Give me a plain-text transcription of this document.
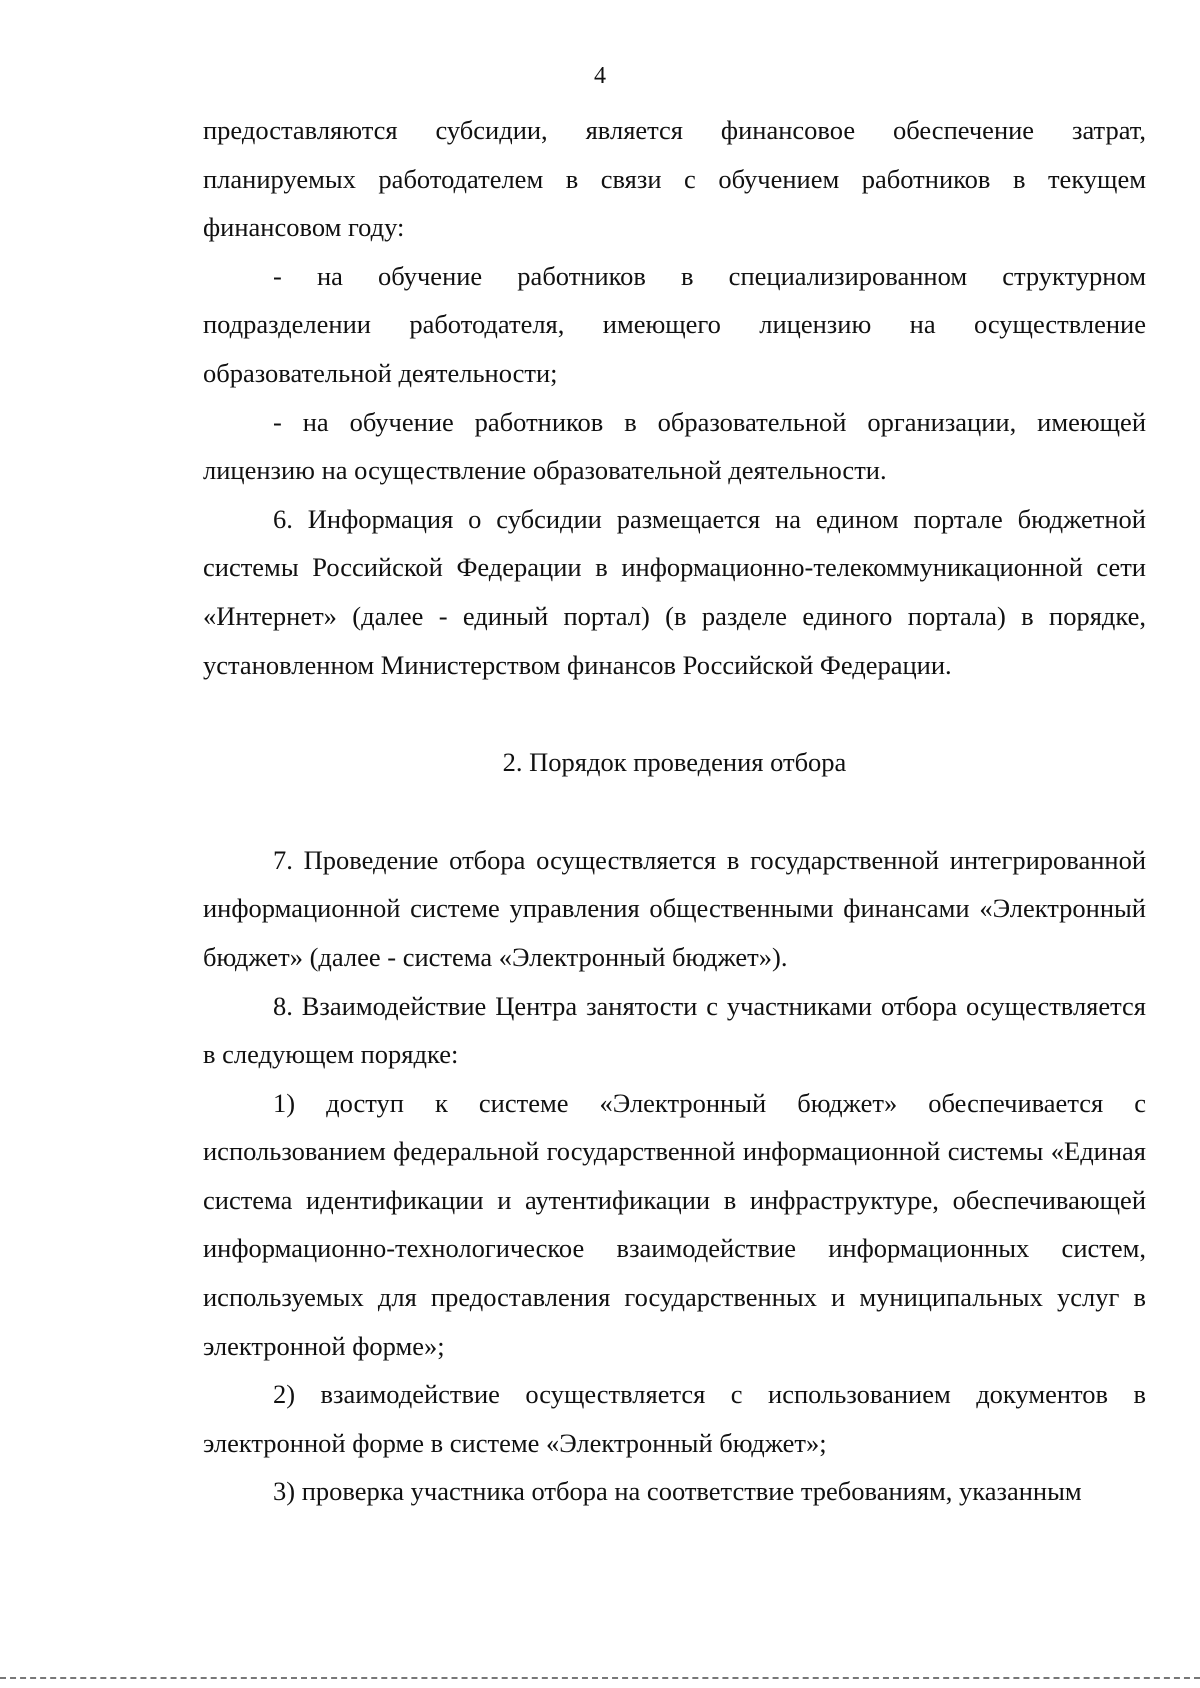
4

предоставляются субсидии, является финансовое обеспечение затрат, планируемых работодателем в связи с обучением работников в текущем финансовом году:

- на обучение работников в специализированном структурном подразделении работодателя, имеющего лицензию на осуществление образовательной деятельности;

- на обучение работников в образовательной организации, имеющей лицензию на осуществление образовательной деятельности.

6. Информация о субсидии размещается на едином портале бюджетной системы Российской Федерации в информационно-телекоммуникационной сети «Интернет» (далее - единый портал) (в разделе единого портала) в порядке, установленном Министерством финансов Российской Федерации.

2. Порядок проведения отбора

7. Проведение отбора осуществляется в государственной интегрированной информационной системе управления общественными финансами «Электронный бюджет» (далее - система «Электронный бюджет»).

8. Взаимодействие Центра занятости с участниками отбора осуществляется в следующем порядке:

1) доступ к системе «Электронный бюджет» обеспечивается с использованием федеральной государственной информационной системы «Единая система идентификации и аутентификации в инфраструктуре, обеспечивающей информационно-технологическое взаимодействие информационных систем, используемых для предоставления государственных и муниципальных услуг в электронной форме»;

2) взаимодействие осуществляется с использованием документов в электронной форме в системе «Электронный бюджет»;

3) проверка участника отбора на соответствие требованиям, указанным
